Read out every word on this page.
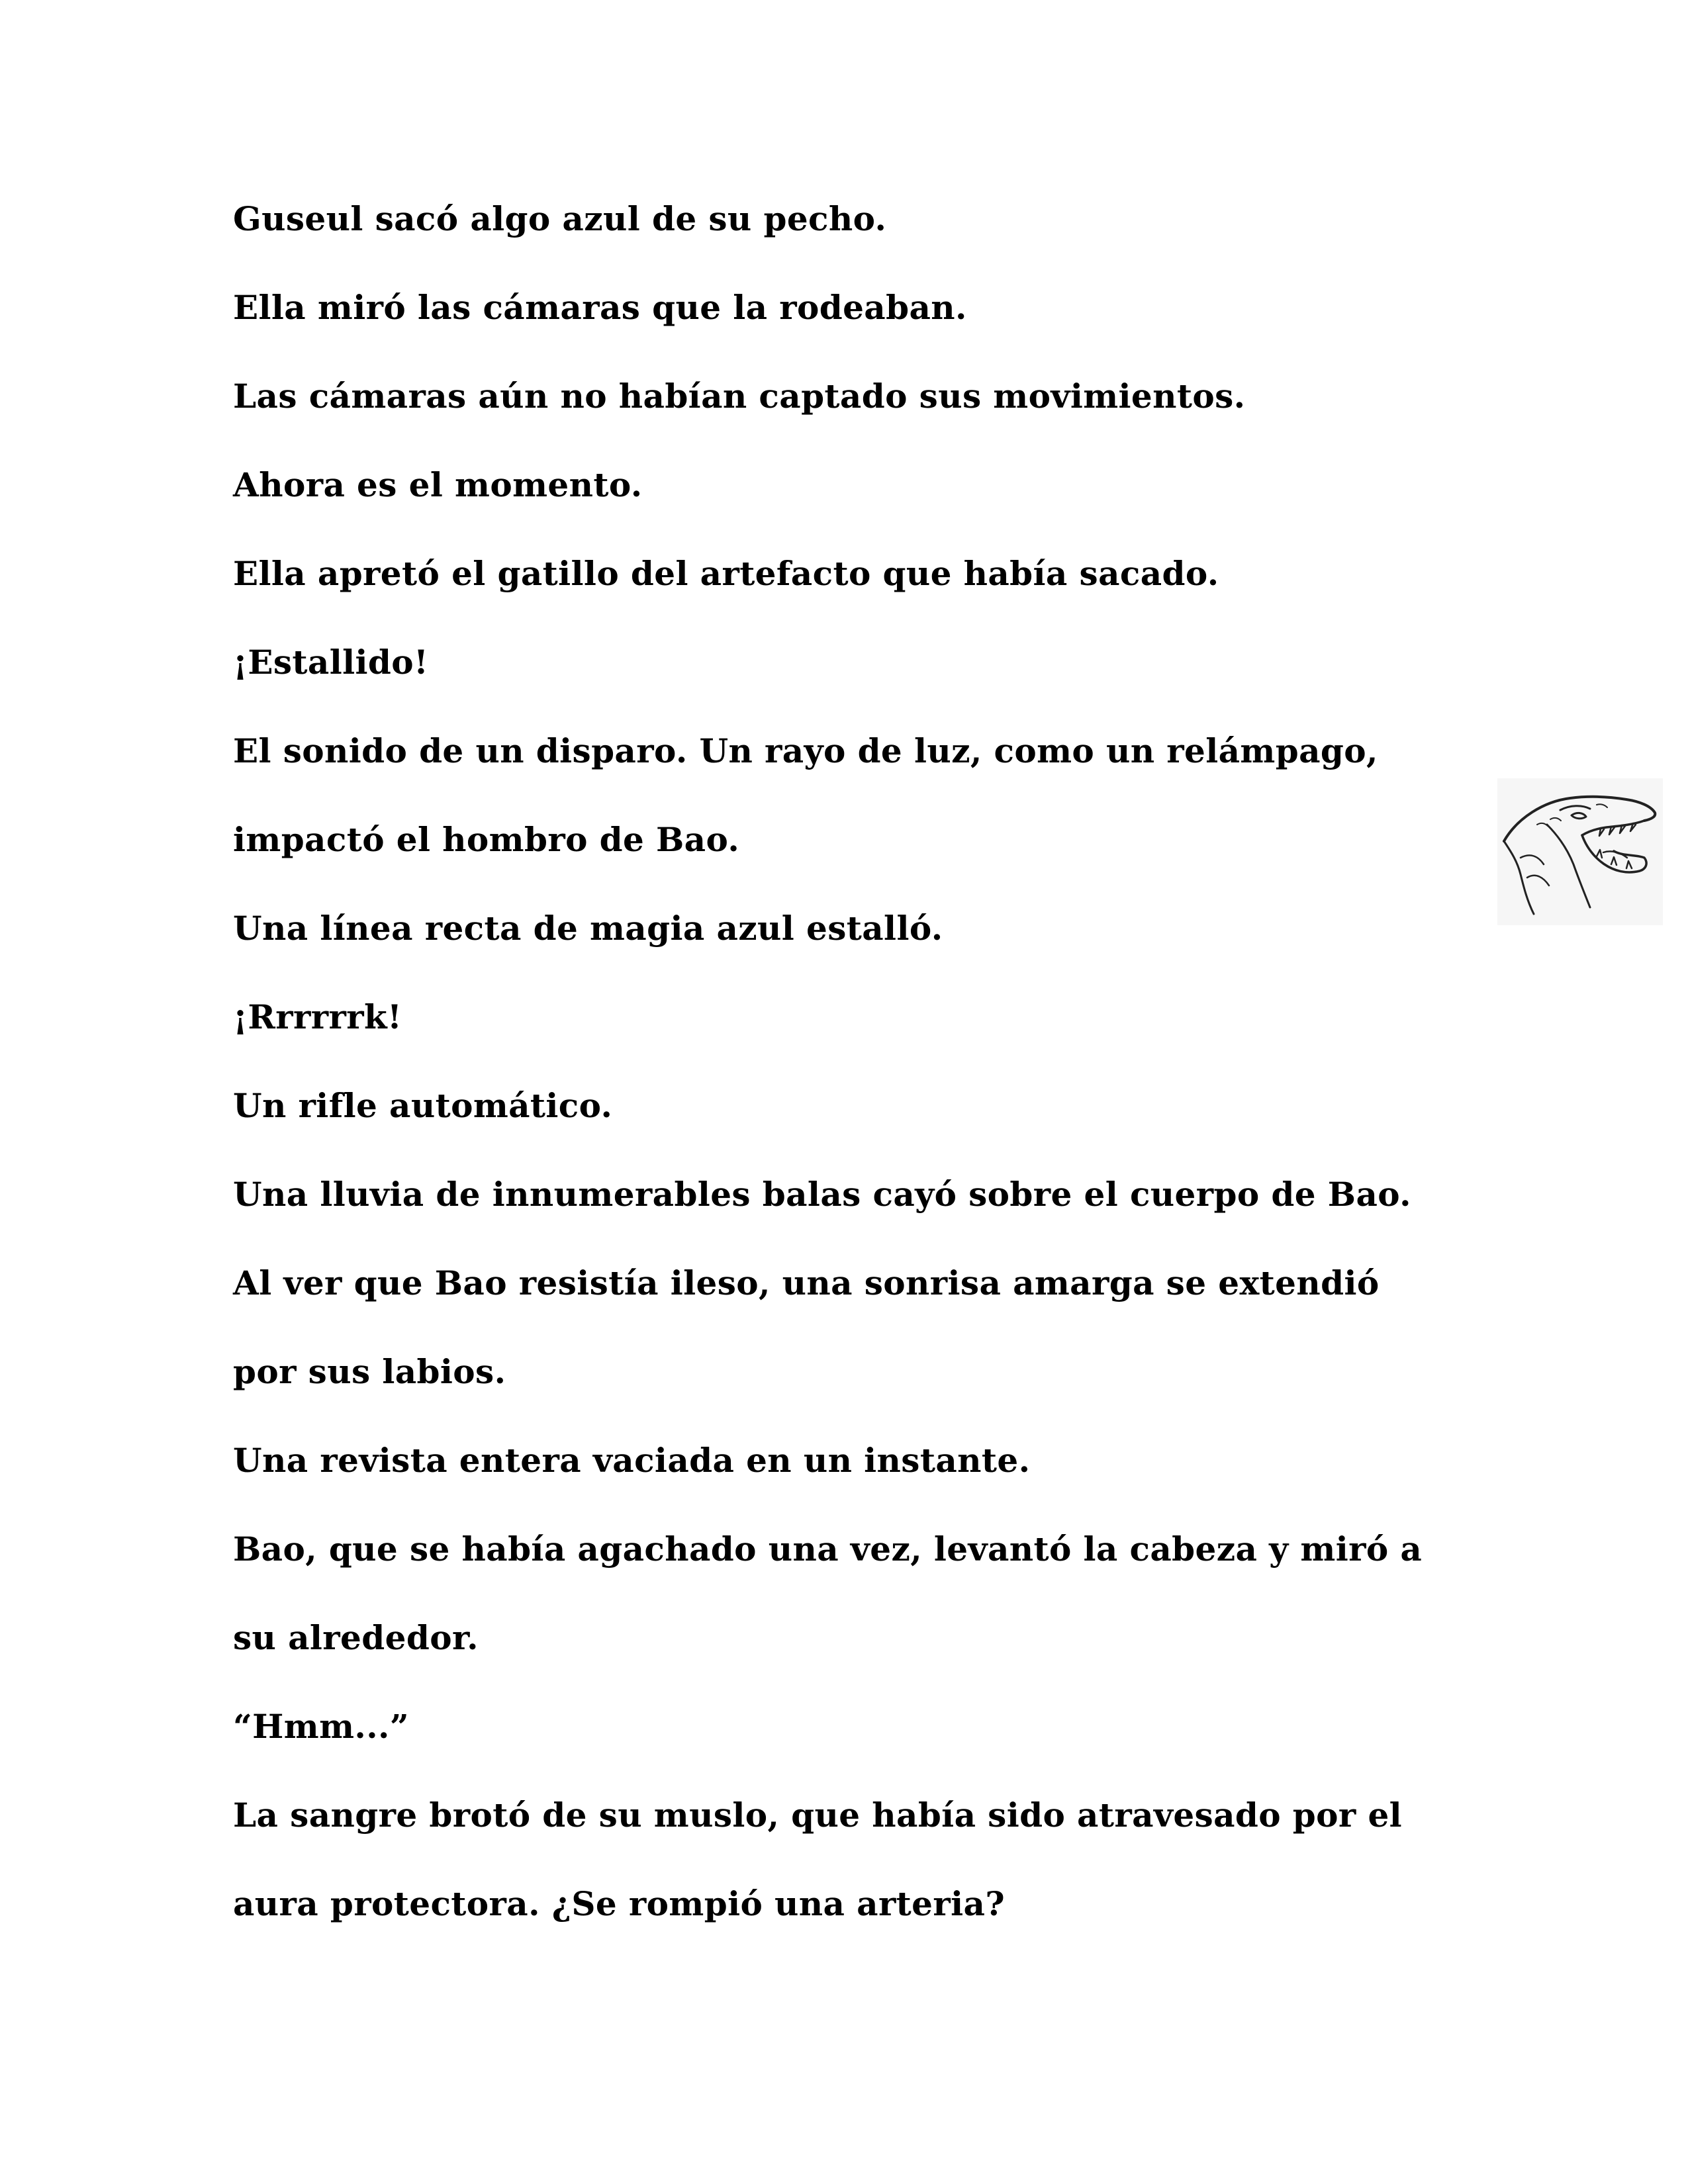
Guseul sacó algo azul de su pecho.

Ella miró las cámaras que la rodeaban.

Las cámaras aún no habían captado sus movimientos.

Ahora es el momento.

Ella apretó el gatillo del artefacto que había sacado.

¡Estallido!

El sonido de un disparo. Un rayo de luz, como un relámpago,

impactó el hombro de Bao.

Una línea recta de magia azul estalló.

¡Rrrrrrk!

Un rifle automático.

Una lluvia de innumerables balas cayó sobre el cuerpo de Bao.

Al ver que Bao resistía ileso, una sonrisa amarga se extendió

por sus labios.

Una revista entera vaciada en un instante.

Bao, que se había agachado una vez, levantó la cabeza y miró a

su alrededor.

“Hmm...”

La sangre brotó de su muslo, que había sido atravesado por el

aura protectora. ¿Se rompió una arteria?
